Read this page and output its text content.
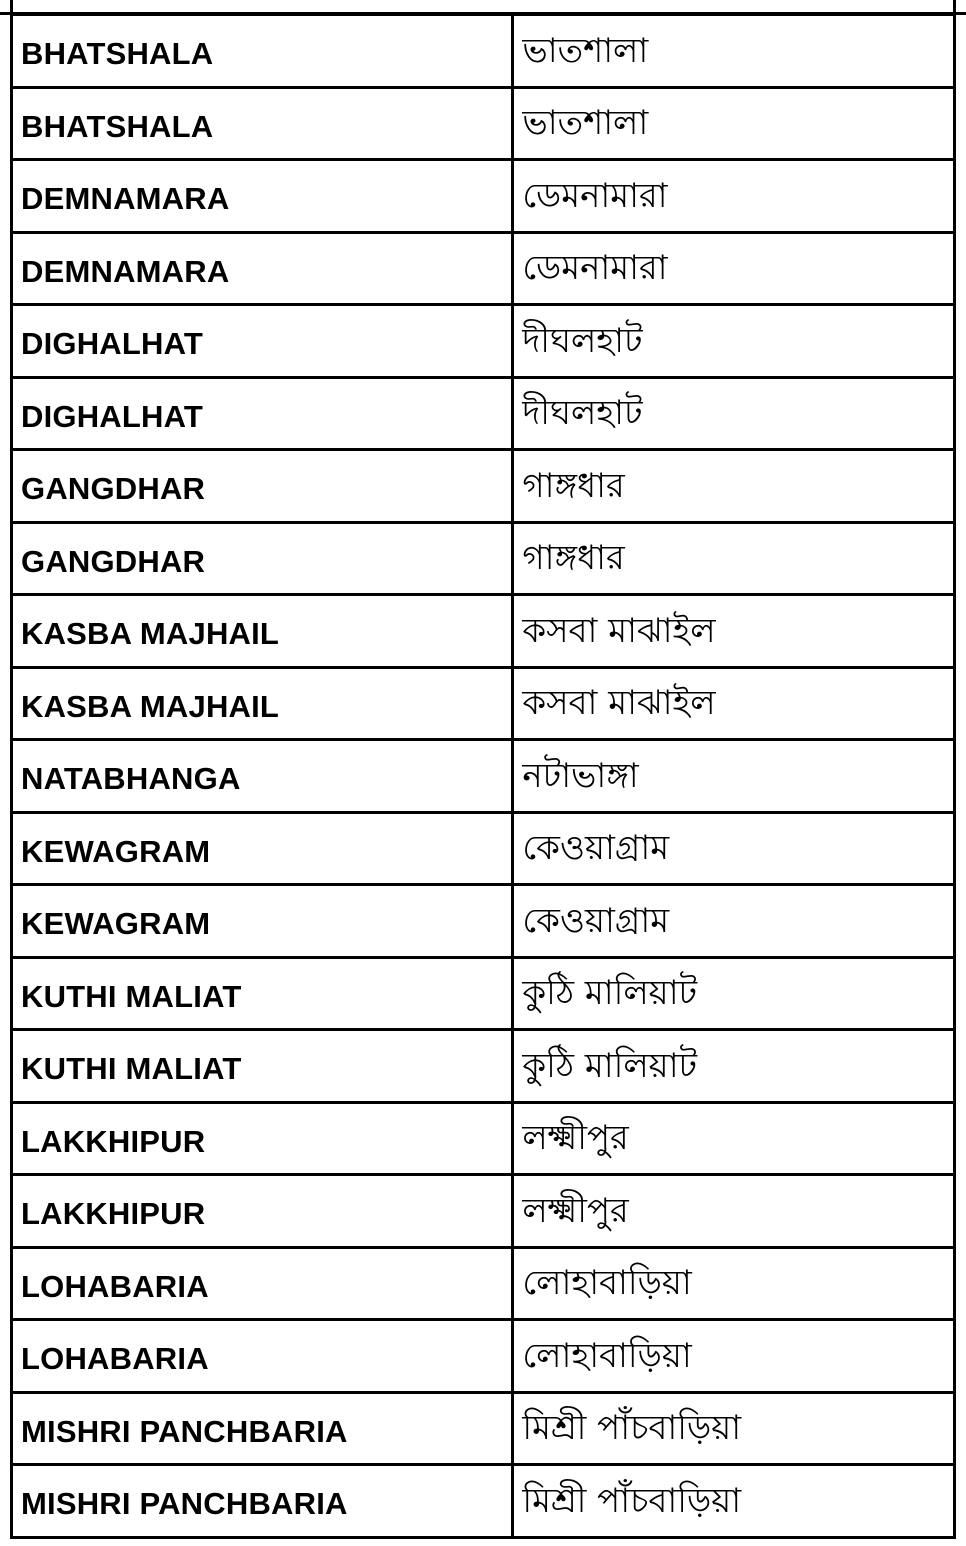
BHATSHALA	ভাতশালা
BHATSHALA	ভাতশালা
DEMNAMARA	ডেমনামারা
DEMNAMARA	ডেমনামারা
DIGHALHAT	দীঘলহাট
DIGHALHAT	দীঘলহাট
GANGDHAR	গাঙ্গধার
GANGDHAR	গাঙ্গধার
KASBA MAJHAIL	কসবা মাঝাইল
KASBA MAJHAIL	কসবা মাঝাইল
NATABHANGA	নটাভাঙ্গা
KEWAGRAM	কেওয়াগ্রাম
KEWAGRAM	কেওয়াগ্রাম
KUTHI MALIAT	কুঠি মালিয়াট
KUTHI MALIAT	কুঠি মালিয়াট
LAKKHIPUR	লক্ষ্মীপুর
LAKKHIPUR	লক্ষ্মীপুর
LOHABARIA	লোহাবাড়িয়া
LOHABARIA	লোহাবাড়িয়া
MISHRI PANCHBARIA	মিশ্রী পাঁচবাড়িয়া
MISHRI PANCHBARIA	মিশ্রী পাঁচবাড়িয়া
